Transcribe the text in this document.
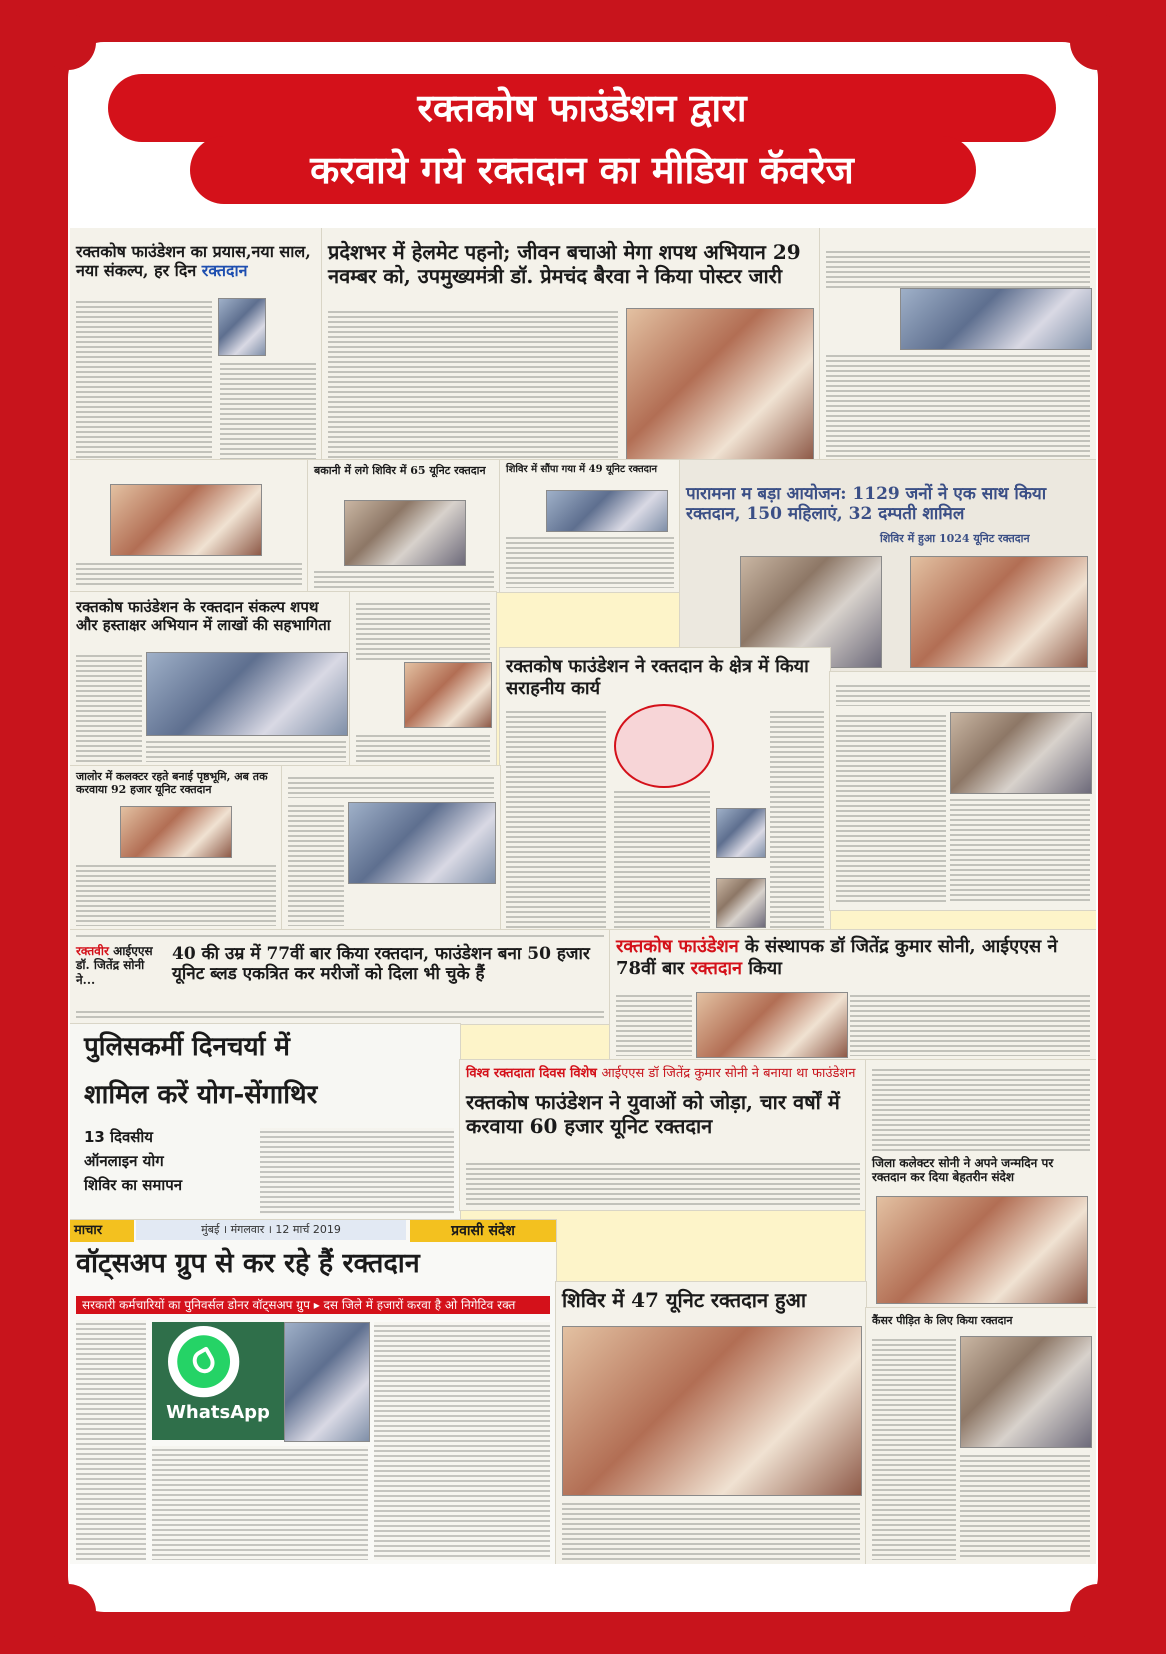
रक्तकोष फाउंडेशन द्वारा
करवाये गये रक्तदान का मीडिया कॅवरेज
रक्तकोष फाउंडेशन का प्रयास,नया साल, नया संकल्प, हर दिन रक्तदान
प्रदेशभर में हेलमेट पहनो; जीवन बचाओ मेगा शपथ अभियान 29 नवम्बर को, उपमुख्यमंत्री डॉ. प्रेमचंद बैरवा ने किया पोस्टर जारी
बकानी में लगे शिविर में 65 यूनिट रक्तदान	शिविर में सौंपा गया में 49 यूनिट रक्तदान
पारामना म बड़ा आयोजन: 1129 जनों ने एक साथ किया रक्तदान, 150 महिलाएं, 32 दम्पती शामिल
शिविर में हुआ 1024 यूनिट रक्तदान
रक्तकोष फाउंडेशन के रक्तदान संकल्प शपथ और हस्ताक्षर अभियान में लाखों की सहभागिता
रक्तकोष फाउंडेशन ने रक्तदान के क्षेत्र में किया सराहनीय कार्य
जालोर में कलक्टर रहते बनाई पृष्ठभूमि, अब तक करवाया 92 हजार यूनिट रक्तदान
रक्तवीर आईएएस डॉ. जितेंद्र सोनी ने...
40 की उम्र में 77वीं बार किया रक्तदान, फाउंडेशन बना 50 हजार यूनिट ब्लड एकत्रित कर मरीजों को दिला भी चुके हैं
रक्तकोष फाउंडेशन के संस्थापक डॉ जितेंद्र कुमार सोनी, आईएएस ने 78वीं बार रक्तदान किया
पुलिसकर्मी दिनचर्या में
शामिल करें योग-सेंगाथिर
13 दिवसीय
ऑनलाइन योग
शिविर का समापन
विश्व रक्तदाता दिवस विशेष आईएएस डॉ जितेंद्र कुमार सोनी ने बनाया था फाउंडेशन
रक्तकोष फाउंडेशन ने युवाओं को जोड़ा, चार वर्षों में करवाया 60 हजार यूनिट रक्तदान
जिला कलेक्टर सोनी ने अपने जन्मदिन पर रक्तदान कर दिया बेहतरीन संदेश
माचार	मुंबई । मंगलवार । 12 मार्च 2019	प्रवासी संदेश
वॉट्सअप ग्रुप से कर रहे हैं रक्तदान
सरकारी कर्मचारियों का पुनिवर्सल डोनर वॉट्सअप ग्रुप ▸ दस जिले में हजारों करवा है ओ निगेटिव रक्त
WhatsApp
शिविर में 47 यूनिट रक्तदान हुआ
कैंसर पीड़ित के लिए किया रक्तदान
